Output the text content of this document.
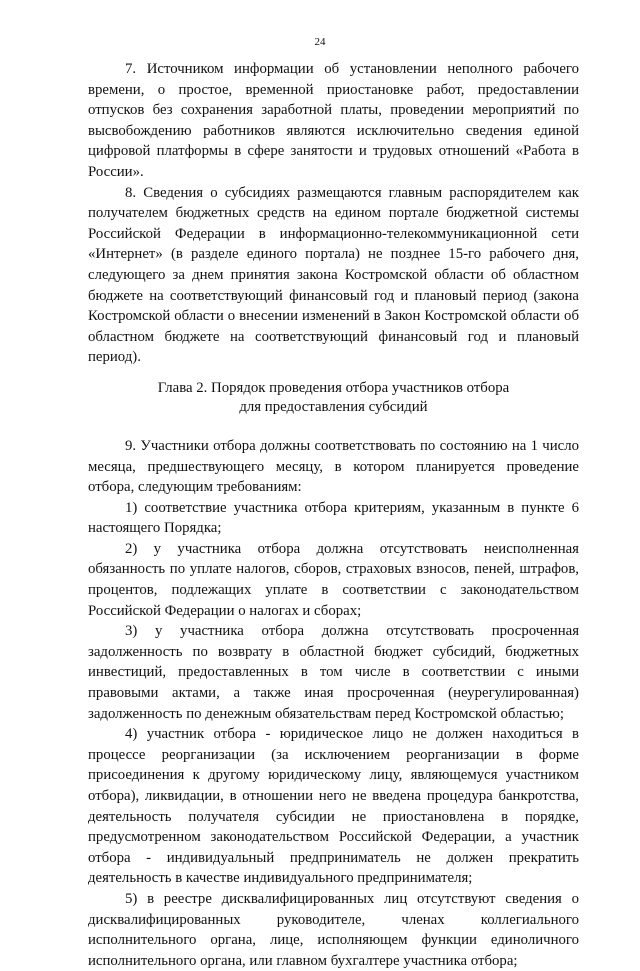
24

7. Источником информации об установлении неполного рабочего времени, о простое, временной приостановке работ, предоставлении отпусков без сохранения заработной платы, проведении мероприятий по высвобождению работников являются исключительно сведения единой цифровой платформы в сфере занятости и трудовых отношений «Работа в России».

8. Сведения о субсидиях размещаются главным распорядителем как получателем бюджетных средств на едином портале бюджетной системы Российской Федерации в информационно-телекоммуникационной сети «Интернет» (в разделе единого портала) не позднее 15-го рабочего дня, следующего за днем принятия закона Костромской области об областном бюджете на соответствующий финансовый год и плановый период (закона Костромской области о внесении изменений в Закон Костромской области об областном бюджете на соответствующий финансовый год и плановый период).

Глава 2. Порядок проведения отбора участников отбора
для предоставления субсидий

9. Участники отбора должны соответствовать по состоянию на 1 число месяца, предшествующего месяцу, в котором планируется проведение отбора, следующим требованиям:

1) соответствие участника отбора критериям, указанным в пункте 6 настоящего Порядка;

2) у участника отбора должна отсутствовать неисполненная обязанность по уплате налогов, сборов, страховых взносов, пеней, штрафов, процентов, подлежащих уплате в соответствии с законодательством Российской Федерации о налогах и сборах;

3) у участника отбора должна отсутствовать просроченная задолженность по возврату в областной бюджет субсидий, бюджетных инвестиций, предоставленных в том числе в соответствии с иными правовыми актами, а также иная просроченная (неурегулированная) задолженность по денежным обязательствам перед Костромской областью;

4) участник отбора - юридическое лицо не должен находиться в процессе реорганизации (за исключением реорганизации в форме присоединения к другому юридическому лицу, являющемуся участником отбора), ликвидации, в отношении него не введена процедура банкротства, деятельность получателя субсидии не приостановлена в порядке, предусмотренном законодательством Российской Федерации, а участник отбора - индивидуальный предприниматель не должен прекратить деятельность в качестве индивидуального предпринимателя;

5) в реестре дисквалифицированных лиц отсутствуют сведения о дисквалифицированных руководителе, членах коллегиального исполнительного органа, лице, исполняющем функции единоличного исполнительного органа, или главном бухгалтере участника отбора;
